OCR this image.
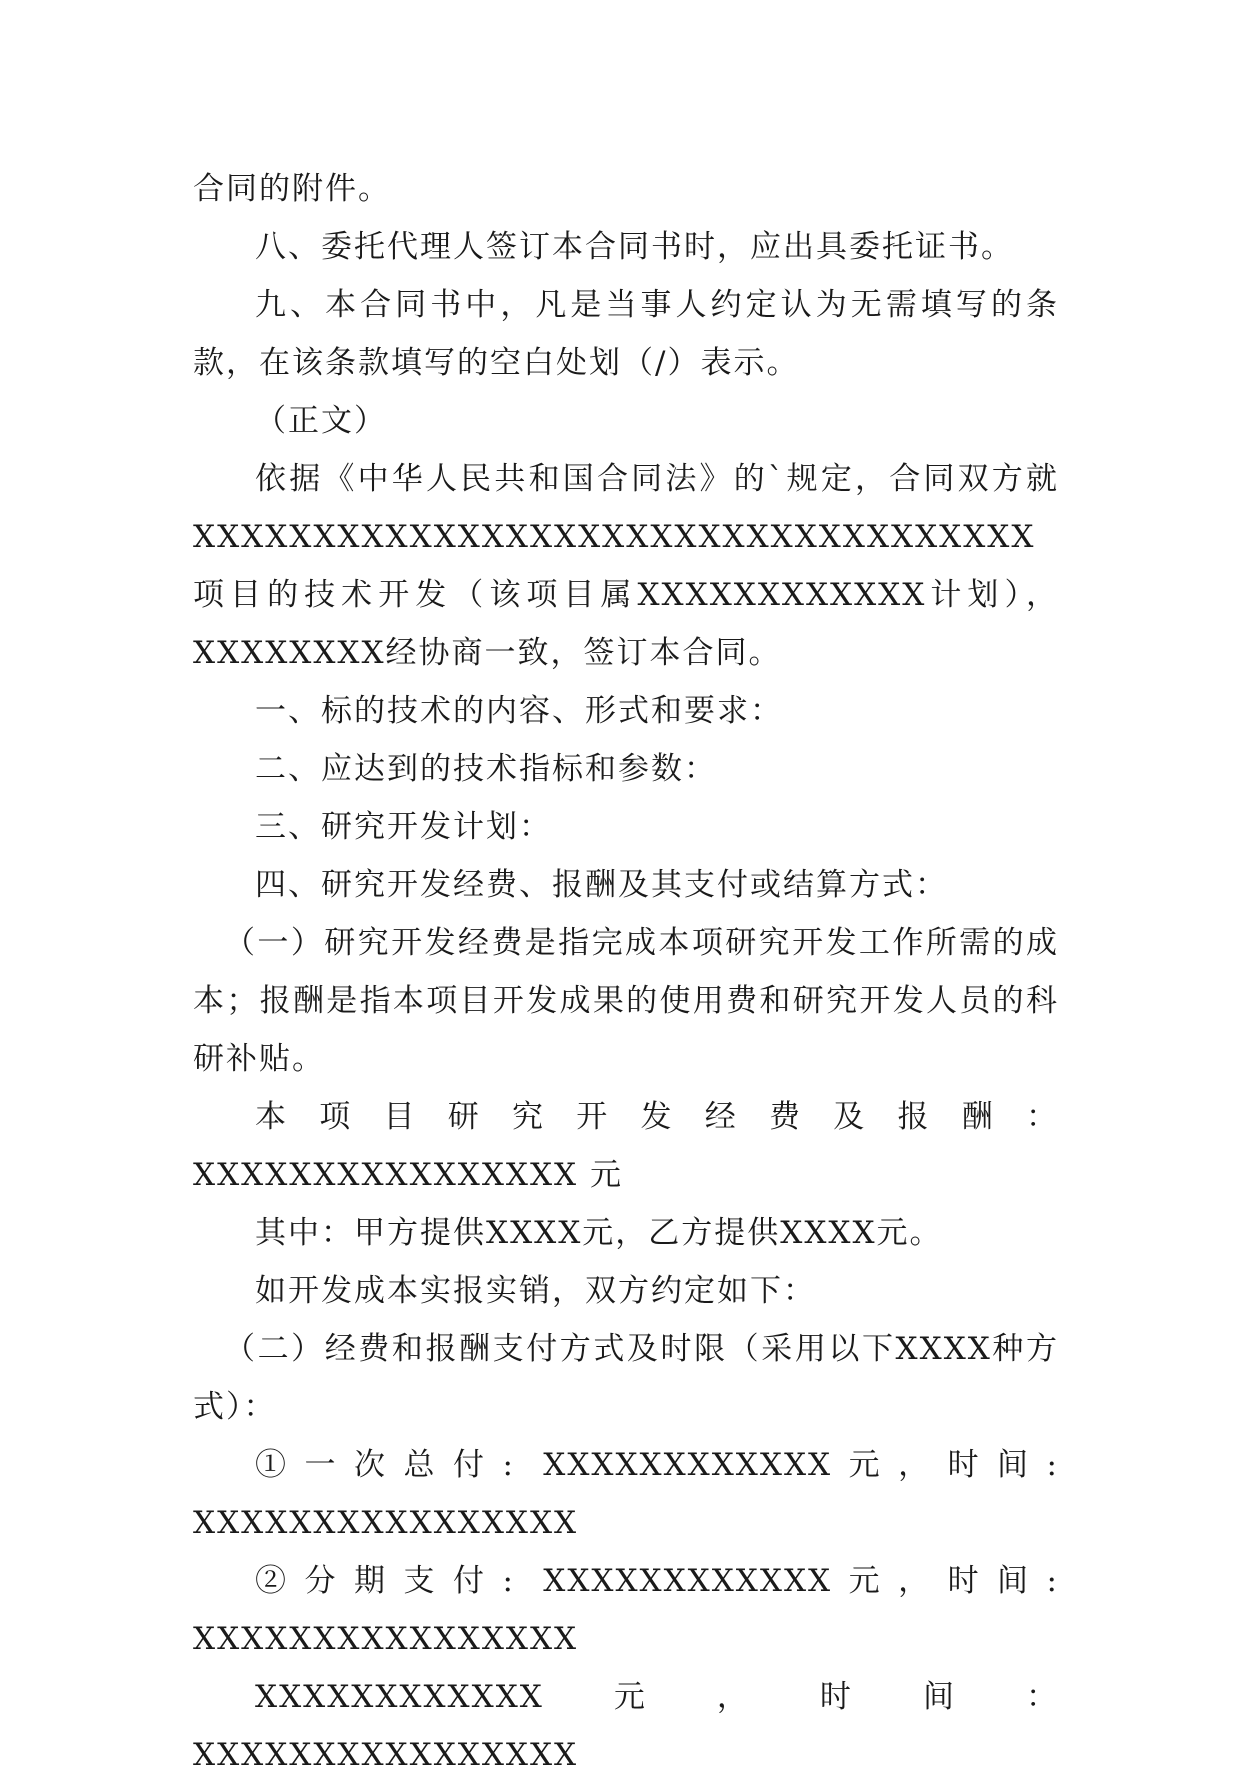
合同的附件。

八、委托代理人签订本合同书时，应出具委托证书。

九、本合同书中，凡是当事人约定认为无需填写的条款，在该条款填写的空白处划（/）表示。

（正文）

依据《中华人民共和国合同法》的`规定，合同双方就XXXXXXXXXXXXXXXXXXXXXXXXXXXXXXXXXXX项目的技术开发（该项目属XXXXXXXXXXXX计划），XXXXXXXX经协商一致，签订本合同。

一、标的技术的内容、形式和要求：

二、应达到的技术指标和参数：

三、研究开发计划：

四、研究开发经费、报酬及其支付或结算方式：

（一）研究开发经费是指完成本项研究开发工作所需的成本；报酬是指本项目开发成果的使用费和研究开发人员的科研补贴。

本项目研究开发经费及报酬：XXXXXXXXXXXXXXXX 元

其中：甲方提供XXXX元，乙方提供XXXX元。

如开发成本实报实销，双方约定如下：

（二）经费和报酬支付方式及时限（采用以下XXXX种方式）：

①一次总付: XXXXXXXXXXXX元，时间: XXXXXXXXXXXXXXXX

②分期支付: XXXXXXXXXXXX元，时间: XXXXXXXXXXXXXXXX

XXXXXXXXXXXX元，时间：XXXXXXXXXXXXXXXX
